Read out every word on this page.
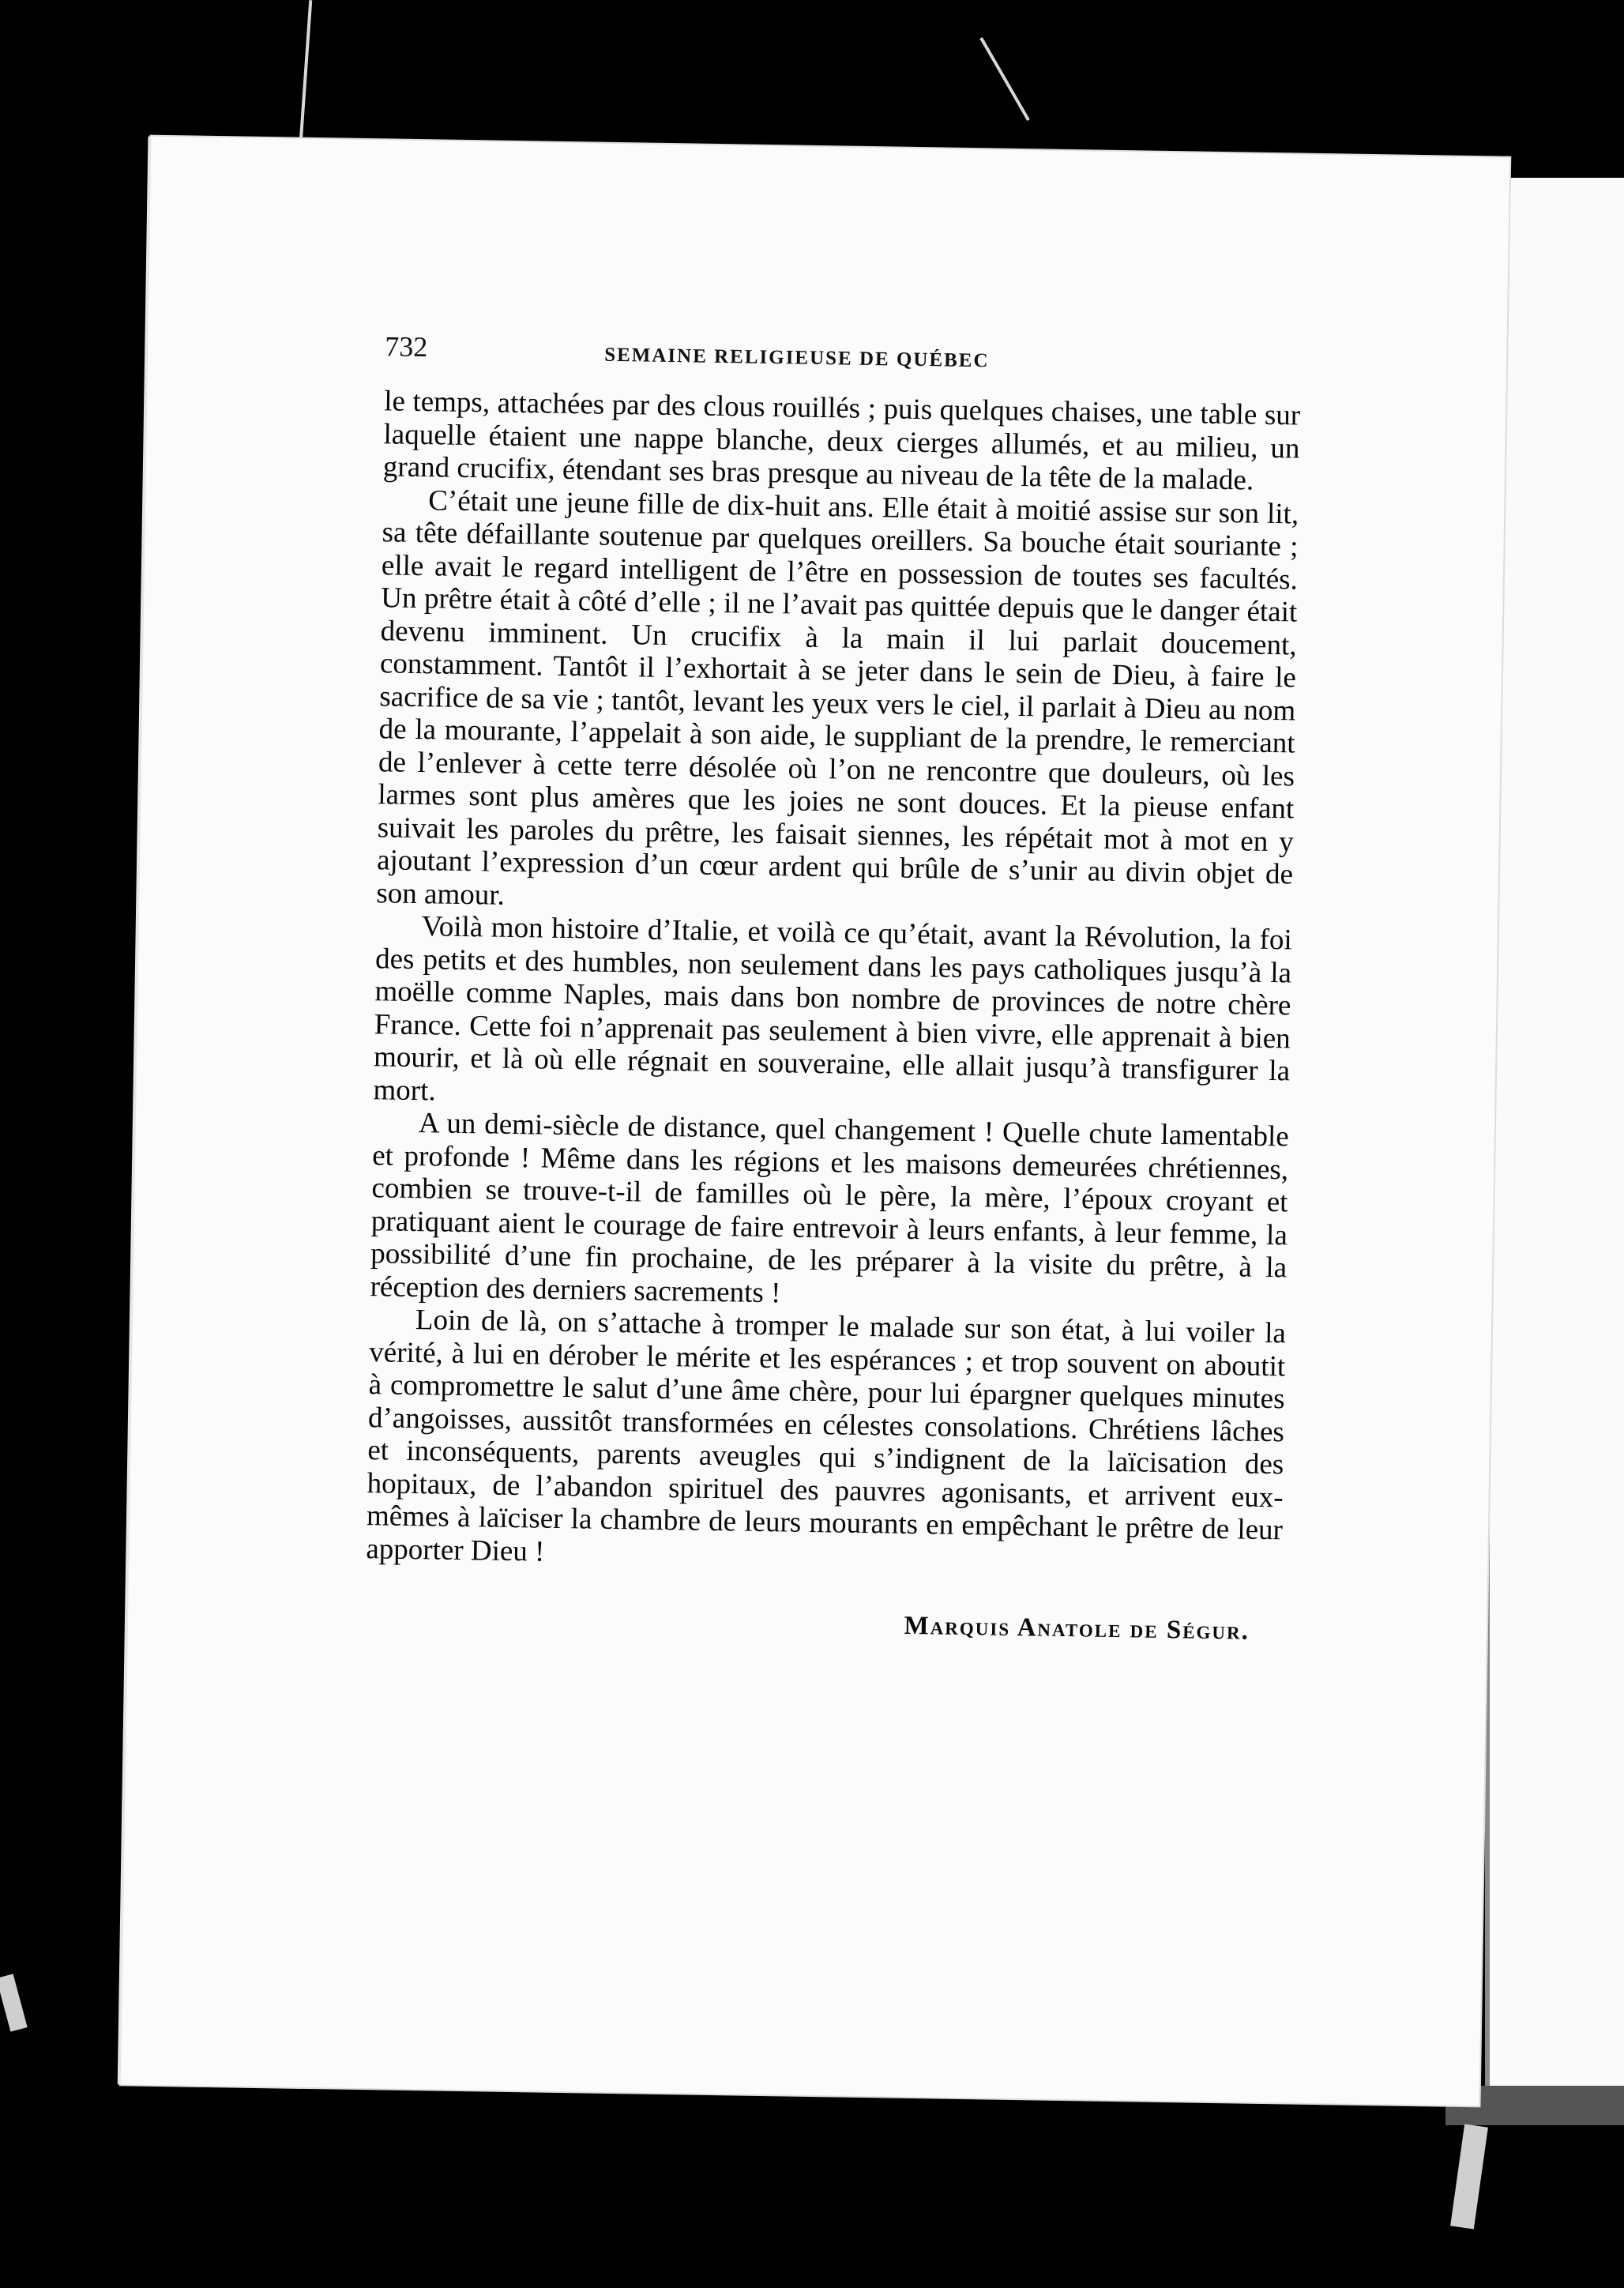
732	SEMAINE RELIGIEUSE DE QUÉBEC

le temps, attachées par des clous rouillés ; puis quelques chaises, une table sur laquelle étaient une nappe blanche, deux cierges allumés, et au milieu, un grand crucifix, étendant ses bras presque au niveau de la tête de la malade.

C’était une jeune fille de dix-huit ans. Elle était à moitié assise sur son lit, sa tête défaillante soutenue par quelques oreillers. Sa bouche était souriante ; elle avait le regard intelligent de l’être en possession de toutes ses facultés. Un prêtre était à côté d’elle ; il ne l’avait pas quittée depuis que le danger était devenu imminent. Un crucifix à la main il lui parlait doucement, constamment. Tantôt il l’exhortait à se jeter dans le sein de Dieu, à faire le sacrifice de sa vie ; tantôt, levant les yeux vers le ciel, il parlait à Dieu au nom de la mourante, l’appelait à son aide, le suppliant de la prendre, le remerciant de l’enlever à cette terre désolée où l’on ne rencontre que douleurs, où les larmes sont plus amères que les joies ne sont douces. Et la pieuse enfant suivait les paroles du prêtre, les faisait siennes, les répétait mot à mot en y ajoutant l’expression d’un cœur ardent qui brûle de s’unir au divin objet de son amour.

Voilà mon histoire d’Italie, et voilà ce qu’était, avant la Révolution, la foi des petits et des humbles, non seulement dans les pays catholiques jusqu’à la moëlle comme Naples, mais dans bon nombre de provinces de notre chère France. Cette foi n’apprenait pas seulement à bien vivre, elle apprenait à bien mourir, et là où elle régnait en souveraine, elle allait jusqu’à transfigurer la mort.

A un demi-siècle de distance, quel changement ! Quelle chute lamentable et profonde ! Même dans les régions et les maisons demeurées chrétiennes, combien se trouve-t-il de familles où le père, la mère, l’époux croyant et pratiquant aient le courage de faire entrevoir à leurs enfants, à leur femme, la possibilité d’une fin prochaine, de les préparer à la visite du prêtre, à la réception des derniers sacrements !

Loin de là, on s’attache à tromper le malade sur son état, à lui voiler la vérité, à lui en dérober le mérite et les espérances ; et trop souvent on aboutit à compromettre le salut d’une âme chère, pour lui épargner quelques minutes d’angoisses, aussitôt transformées en célestes consolations. Chrétiens lâches et inconséquents, parents aveugles qui s’indignent de la laïcisation des hopitaux, de l’abandon spirituel des pauvres agonisants, et arrivent eux-mêmes à laïciser la chambre de leurs mourants en empêchant le prêtre de leur apporter Dieu !

Marquis Anatole de Ségur.
